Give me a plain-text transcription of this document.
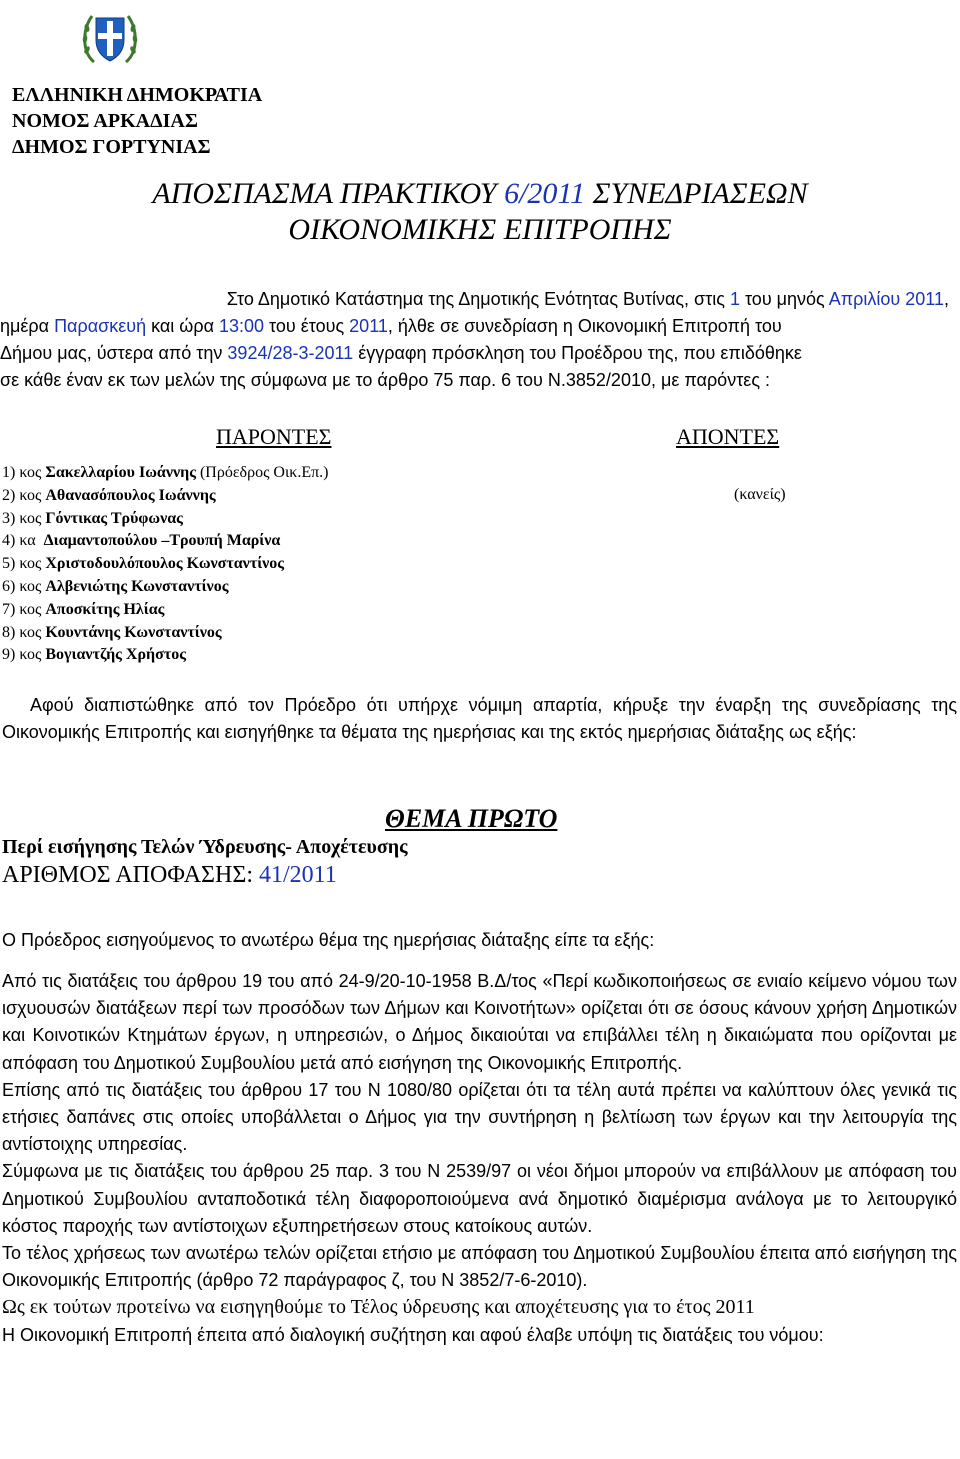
ΕΛΛΗΝΙΚΗ ΔΗΜΟΚΡΑΤΙΑ
ΝΟΜΟΣ ΑΡΚΑΔΙΑΣ
ΔΗΜΟΣ ΓΟΡΤΥΝΙΑΣ
ΑΠΟΣΠΑΣΜΑ ΠΡΑΚΤΙΚΟΥ 6/2011 ΣΥΝΕΔΡΙΑΣΕΩΝ
ΟΙΚΟΝΟΜΙΚΗΣ ΕΠΙΤΡΟΠΗΣ

Στο Δημοτικό Κατάστημα της Δημοτικής Ενότητας Βυτίνας, στις 1 του μηνός Απριλίου 2011,

ημέρα Παρασκευή και ώρα 13:00 του έτους 2011, ήλθε σε συνεδρίαση η Οικονομική Επιτροπή του

Δήμου μας, ύστερα από την 3924/28-3-2011 έγγραφη πρόσκληση του Προέδρου της, που επιδόθηκε

σε κάθε έναν εκ των μελών της σύμφωνα με το άρθρο 75 παρ. 6 του Ν.3852/2010, με παρόντες :

ΠΑΡΟΝΤΕΣ	ΑΠΟΝΤΕΣ
(κανείς)
1) κος Σακελλαρίου Ιωάννης (Πρόεδρος Οικ.Επ.)
2) κος Αθανασόπουλος Ιωάννης
3) κος Γόντικας Τρύφωνας
4) κα  Διαμαντοπούλου –Τρουπή Μαρίνα
5) κος Χριστοδουλόπουλος Κωνσταντίνος
6) κος Αλβενιώτης Κωνσταντίνος
7) κος Αποσκίτης Ηλίας
8) κος Κουντάνης Κωνσταντίνος
9) κος Βογιαντζής Χρήστος

Αφού διαπιστώθηκε από τον Πρόεδρο ότι υπήρχε νόμιμη απαρτία, κήρυξε την έναρξη της συνεδρίασης της Οικονομικής Επιτροπής και εισηγήθηκε τα θέματα της ημερήσιας και της εκτός ημερήσιας διάταξης ως εξής:

ΘΕΜΑ ΠΡΩΤΟ
Περί εισήγησης Τελών Ύδρευσης- Αποχέτευσης
ΑΡΙΘΜΟΣ ΑΠΟΦΑΣΗΣ: 41/2011
Ο Πρόεδρος εισηγούμενος το ανωτέρω θέμα της ημερήσιας διάταξης είπε τα εξής:

Από τις διατάξεις του άρθρου 19 του από 24-9/20-10-1958 Β.Δ/τος «Περί κωδικοποιήσεως σε ενιαίο κείμενο νόμου των ισχυουσών διατάξεων περί των προσόδων των Δήμων και Κοινοτήτων» ορίζεται ότι σε όσους κάνουν χρήση Δημοτικών και Κοινοτικών Κτημάτων έργων, η υπηρεσιών, ο Δήμος δικαιούται να επιβάλλει τέλη η δικαιώματα που ορίζονται με απόφαση του Δημοτικού Συμβουλίου μετά από εισήγηση της Οικονομικής Επιτροπής.

Επίσης από τις διατάξεις του άρθρου 17 του Ν 1080/80 ορίζεται ότι τα τέλη αυτά πρέπει να καλύπτουν όλες γενικά τις ετήσιες δαπάνες στις οποίες υποβάλλεται ο Δήμος για την συντήρηση η βελτίωση των έργων και την λειτουργία της αντίστοιχης υπηρεσίας.

Σύμφωνα με τις διατάξεις του άρθρου 25 παρ. 3 του Ν 2539/97 οι νέοι δήμοι μπορούν να επιβάλλουν με απόφαση του Δημοτικού Συμβουλίου ανταποδοτικά τέλη διαφοροποιούμενα ανά δημοτικό διαμέρισμα ανάλογα με το λειτουργικό κόστος παροχής των αντίστοιχων εξυπηρετήσεων στους κατοίκους αυτών.

Το τέλος χρήσεως των ανωτέρω τελών ορίζεται ετήσιο με απόφαση του Δημοτικού Συμβουλίου έπειτα από εισήγηση της Οικονομικής Επιτροπής (άρθρο 72 παράγραφος ζ, του Ν 3852/7-6-2010).

Ως εκ τούτων προτείνω να εισηγηθούμε το Τέλος ύδρευσης και αποχέτευσης για το έτος 2011

Η Οικονομική Επιτροπή έπειτα από διαλογική συζήτηση και αφού έλαβε υπόψη τις διατάξεις του νόμου:
